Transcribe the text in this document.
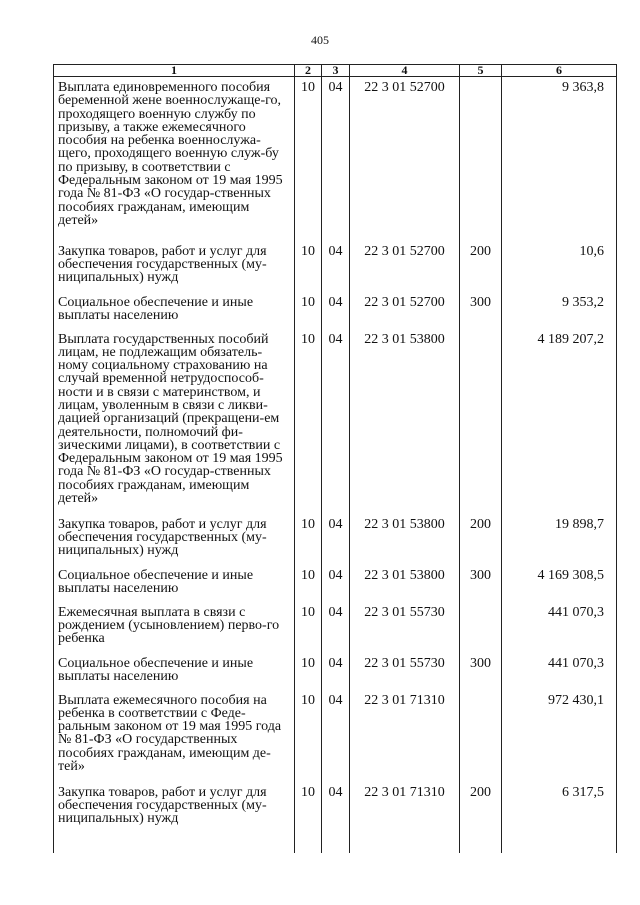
405
1	2	3	4	5	6
Выплата единовременного пособия беременной жене военнослужаще-го, проходящего военную службу по призыву, а также ежемесячного пособия на ребенка военнослужа-щего, проходящего военную служ-бу по призыву, в соответствии с Федеральным законом от 19 мая 1995 года № 81-ФЗ «О государ-ственных пособиях гражданам, имеющим детей»	10	04	22 3 01 52700		9 363,8
Закупка товаров, работ и услуг для обеспечения государственных (му-ниципальных) нужд	10	04	22 3 01 52700	200	10,6
Социальное обеспечение и иные выплаты населению	10	04	22 3 01 52700	300	9 353,2
Выплата государственных пособий лицам, не подлежащим обязатель-ному социальному страхованию на случай временной нетрудоспособ-ности и в связи с материнством, и лицам, уволенным в связи с ликви-дацией организаций (прекращени-ем деятельности, полномочий фи-зическими лицами), в соответствии с Федеральным законом от 19 мая 1995 года № 81-ФЗ «О государ-ственных пособиях гражданам, имеющим детей»	10	04	22 3 01 53800		4 189 207,2
Закупка товаров, работ и услуг для обеспечения государственных (му-ниципальных) нужд	10	04	22 3 01 53800	200	19 898,7
Социальное обеспечение и иные выплаты населению	10	04	22 3 01 53800	300	4 169 308,5
Ежемесячная выплата в связи с рождением (усыновлением) перво-го ребенка	10	04	22 3 01 55730		441 070,3
Социальное обеспечение и иные выплаты населению	10	04	22 3 01 55730	300	441 070,3
Выплата ежемесячного пособия на ребенка в соответствии с Феде-ральным законом от 19 мая 1995 года № 81-ФЗ «О государственных пособиях гражданам, имеющим де-тей»	10	04	22 3 01 71310		972 430,1
Закупка товаров, работ и услуг для обеспечения государственных (му-ниципальных) нужд	10	04	22 3 01 71310	200	6 317,5
